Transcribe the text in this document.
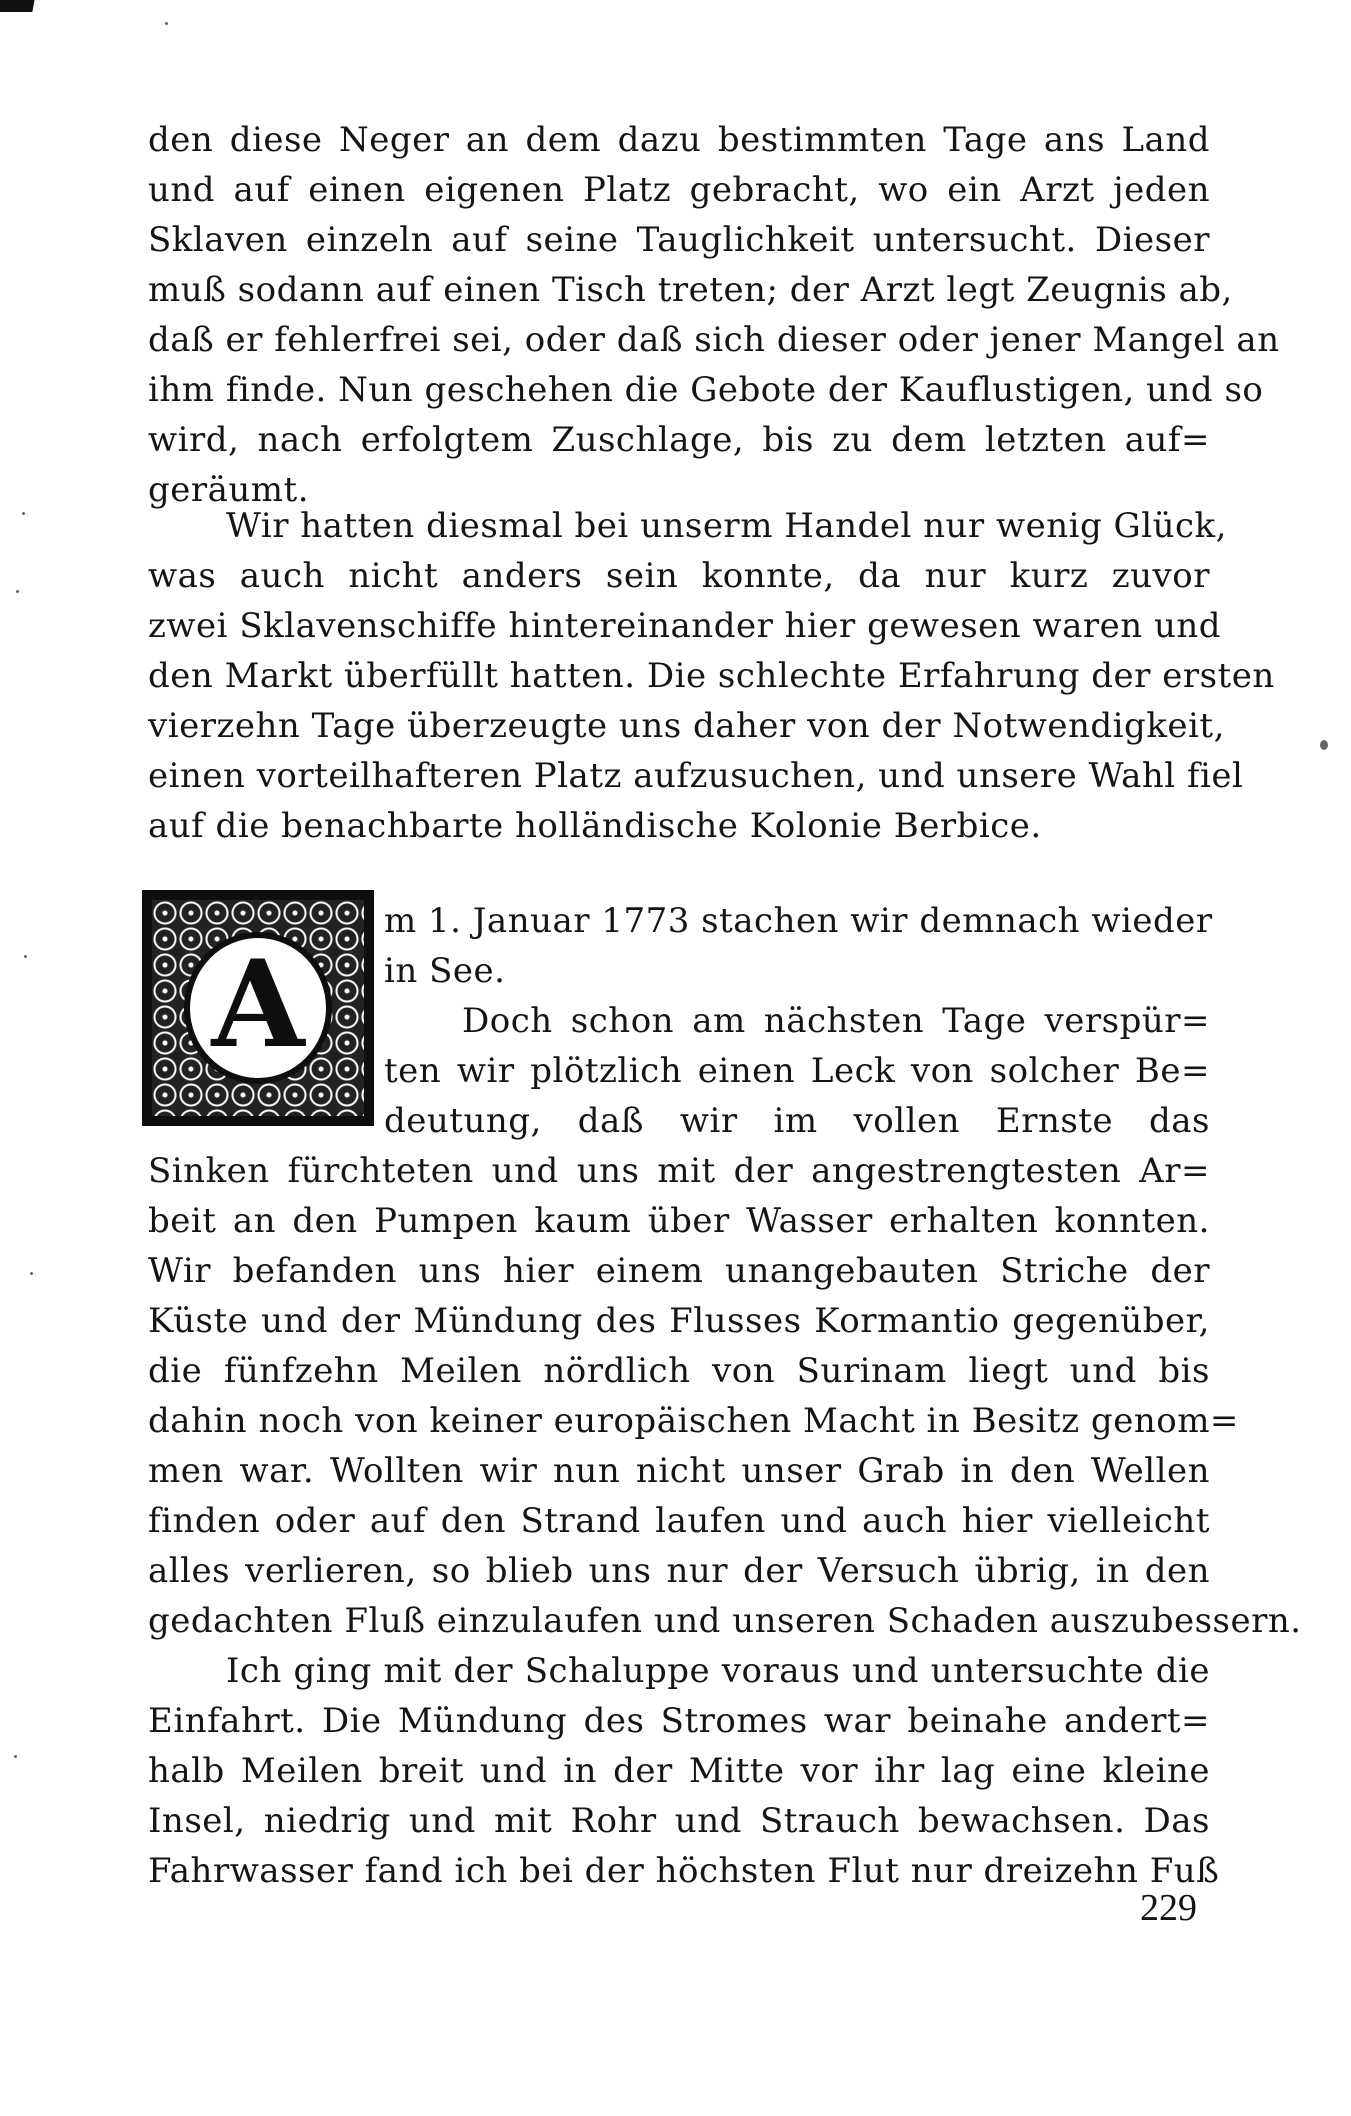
den diese Neger an dem dazu bestimmten Tage ans Land
und auf einen eigenen Platz gebracht, wo ein Arzt jeden
Sklaven einzeln auf seine Tauglichkeit untersucht. Dieser
muß sodann auf einen Tisch treten; der Arzt legt Zeugnis ab,
daß er fehlerfrei sei, oder daß sich dieser oder jener Mangel an
ihm finde. Nun geschehen die Gebote der Kauflustigen, und so
wird, nach erfolgtem Zuschlage, bis zu dem letzten auf=
geräumt.
Wir hatten diesmal bei unserm Handel nur wenig Glück,
was auch nicht anders sein konnte, da nur kurz zuvor
zwei Sklavenschiffe hintereinander hier gewesen waren und
den Markt überfüllt hatten. Die schlechte Erfahrung der ersten
vierzehn Tage überzeugte uns daher von der Notwendigkeit,
einen vorteilhafteren Platz aufzusuchen, und unsere Wahl fiel
auf die benachbarte holländische Kolonie Berbice.
A
m 1. Januar 1773 stachen wir demnach wieder
in See.
Doch schon am nächsten Tage verspür=
ten wir plötzlich einen Leck von solcher Be=
deutung, daß wir im vollen Ernste das
Sinken fürchteten und uns mit der angestrengtesten Ar=
beit an den Pumpen kaum über Wasser erhalten konnten.
Wir befanden uns hier einem unangebauten Striche der
Küste und der Mündung des Flusses Kormantio gegenüber,
die fünfzehn Meilen nördlich von Surinam liegt und bis
dahin noch von keiner europäischen Macht in Besitz genom=
men war. Wollten wir nun nicht unser Grab in den Wellen
finden oder auf den Strand laufen und auch hier vielleicht
alles verlieren, so blieb uns nur der Versuch übrig, in den
gedachten Fluß einzulaufen und unseren Schaden auszubessern.
Ich ging mit der Schaluppe voraus und untersuchte die
Einfahrt. Die Mündung des Stromes war beinahe andert=
halb Meilen breit und in der Mitte vor ihr lag eine kleine
Insel, niedrig und mit Rohr und Strauch bewachsen. Das
Fahrwasser fand ich bei der höchsten Flut nur dreizehn Fuß
229
